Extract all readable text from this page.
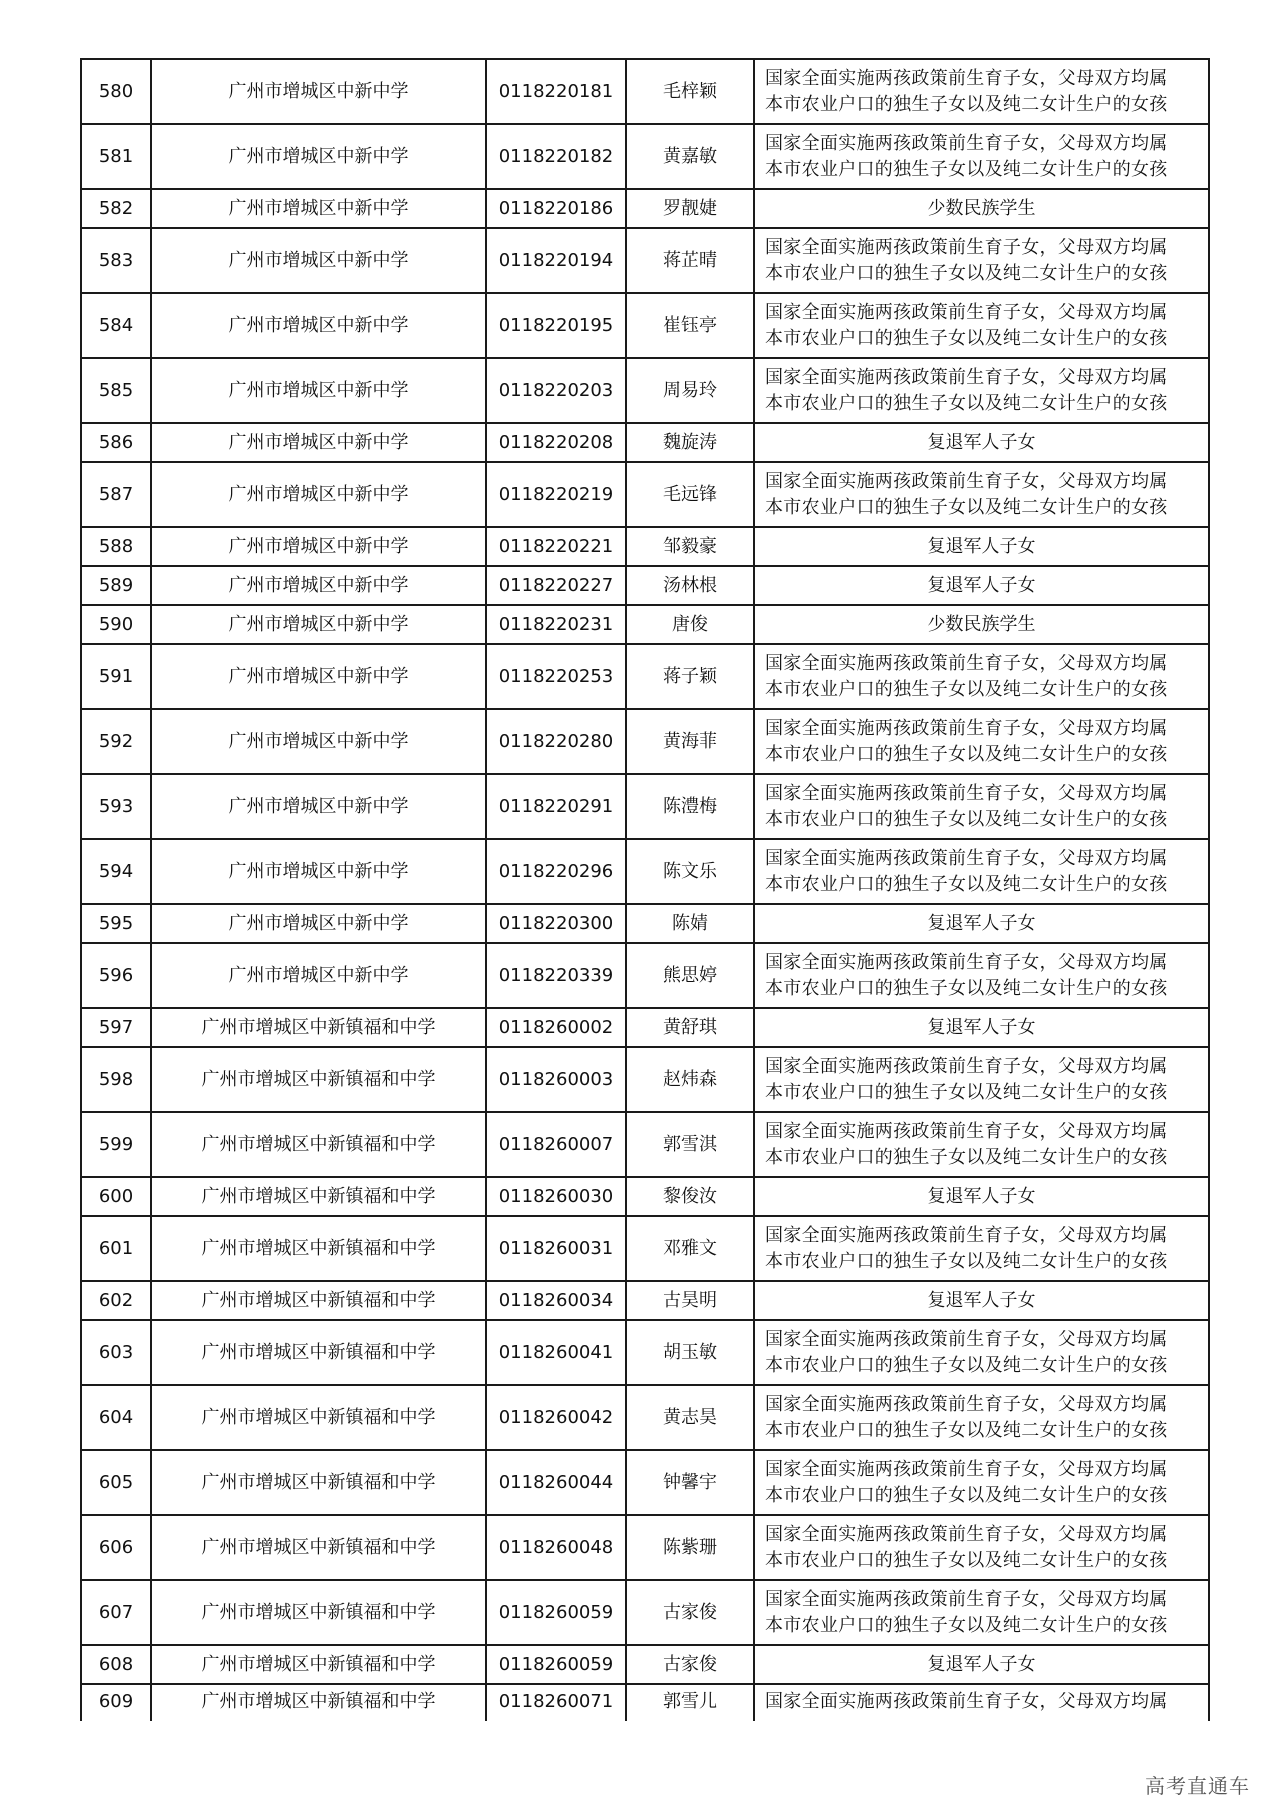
580	广州市增城区中新中学	0118220181	毛梓颖	国家全面实施两孩政策前生育子女，父母双方均属
本市农业户口的独生子女以及纯二女计生户的女孩

581	广州市增城区中新中学	0118220182	黄嘉敏	国家全面实施两孩政策前生育子女，父母双方均属
本市农业户口的独生子女以及纯二女计生户的女孩

582	广州市增城区中新中学	0118220186	罗靓婕	少数民族学生

583	广州市增城区中新中学	0118220194	蒋芷晴	国家全面实施两孩政策前生育子女，父母双方均属
本市农业户口的独生子女以及纯二女计生户的女孩

584	广州市增城区中新中学	0118220195	崔钰亭	国家全面实施两孩政策前生育子女，父母双方均属
本市农业户口的独生子女以及纯二女计生户的女孩

585	广州市增城区中新中学	0118220203	周易玲	国家全面实施两孩政策前生育子女，父母双方均属
本市农业户口的独生子女以及纯二女计生户的女孩

586	广州市增城区中新中学	0118220208	魏旋涛	复退军人子女

587	广州市增城区中新中学	0118220219	毛远锋	国家全面实施两孩政策前生育子女，父母双方均属
本市农业户口的独生子女以及纯二女计生户的女孩

588	广州市增城区中新中学	0118220221	邹毅豪	复退军人子女

589	广州市增城区中新中学	0118220227	汤林根	复退军人子女

590	广州市增城区中新中学	0118220231	唐俊	少数民族学生

591	广州市增城区中新中学	0118220253	蒋子颖	国家全面实施两孩政策前生育子女，父母双方均属
本市农业户口的独生子女以及纯二女计生户的女孩

592	广州市增城区中新中学	0118220280	黄海菲	国家全面实施两孩政策前生育子女，父母双方均属
本市农业户口的独生子女以及纯二女计生户的女孩

593	广州市增城区中新中学	0118220291	陈澧梅	国家全面实施两孩政策前生育子女，父母双方均属
本市农业户口的独生子女以及纯二女计生户的女孩

594	广州市增城区中新中学	0118220296	陈文乐	国家全面实施两孩政策前生育子女，父母双方均属
本市农业户口的独生子女以及纯二女计生户的女孩

595	广州市增城区中新中学	0118220300	陈婧	复退军人子女

596	广州市增城区中新中学	0118220339	熊思婷	国家全面实施两孩政策前生育子女，父母双方均属
本市农业户口的独生子女以及纯二女计生户的女孩

597	广州市增城区中新镇福和中学	0118260002	黄舒琪	复退军人子女

598	广州市增城区中新镇福和中学	0118260003	赵炜森	国家全面实施两孩政策前生育子女，父母双方均属
本市农业户口的独生子女以及纯二女计生户的女孩

599	广州市增城区中新镇福和中学	0118260007	郭雪淇	国家全面实施两孩政策前生育子女，父母双方均属
本市农业户口的独生子女以及纯二女计生户的女孩

600	广州市增城区中新镇福和中学	0118260030	黎俊汝	复退军人子女

601	广州市增城区中新镇福和中学	0118260031	邓雅文	国家全面实施两孩政策前生育子女，父母双方均属
本市农业户口的独生子女以及纯二女计生户的女孩

602	广州市增城区中新镇福和中学	0118260034	古昊明	复退军人子女

603	广州市增城区中新镇福和中学	0118260041	胡玉敏	国家全面实施两孩政策前生育子女，父母双方均属
本市农业户口的独生子女以及纯二女计生户的女孩

604	广州市增城区中新镇福和中学	0118260042	黄志昊	国家全面实施两孩政策前生育子女，父母双方均属
本市农业户口的独生子女以及纯二女计生户的女孩

605	广州市增城区中新镇福和中学	0118260044	钟馨宇	国家全面实施两孩政策前生育子女，父母双方均属
本市农业户口的独生子女以及纯二女计生户的女孩

606	广州市增城区中新镇福和中学	0118260048	陈紫珊	国家全面实施两孩政策前生育子女，父母双方均属
本市农业户口的独生子女以及纯二女计生户的女孩

607	广州市增城区中新镇福和中学	0118260059	古家俊	国家全面实施两孩政策前生育子女，父母双方均属
本市农业户口的独生子女以及纯二女计生户的女孩

608	广州市增城区中新镇福和中学	0118260059	古家俊	复退军人子女

609	广州市增城区中新镇福和中学	0118260071	郭雪儿	国家全面实施两孩政策前生育子女，父母双方均属
高考直通车
